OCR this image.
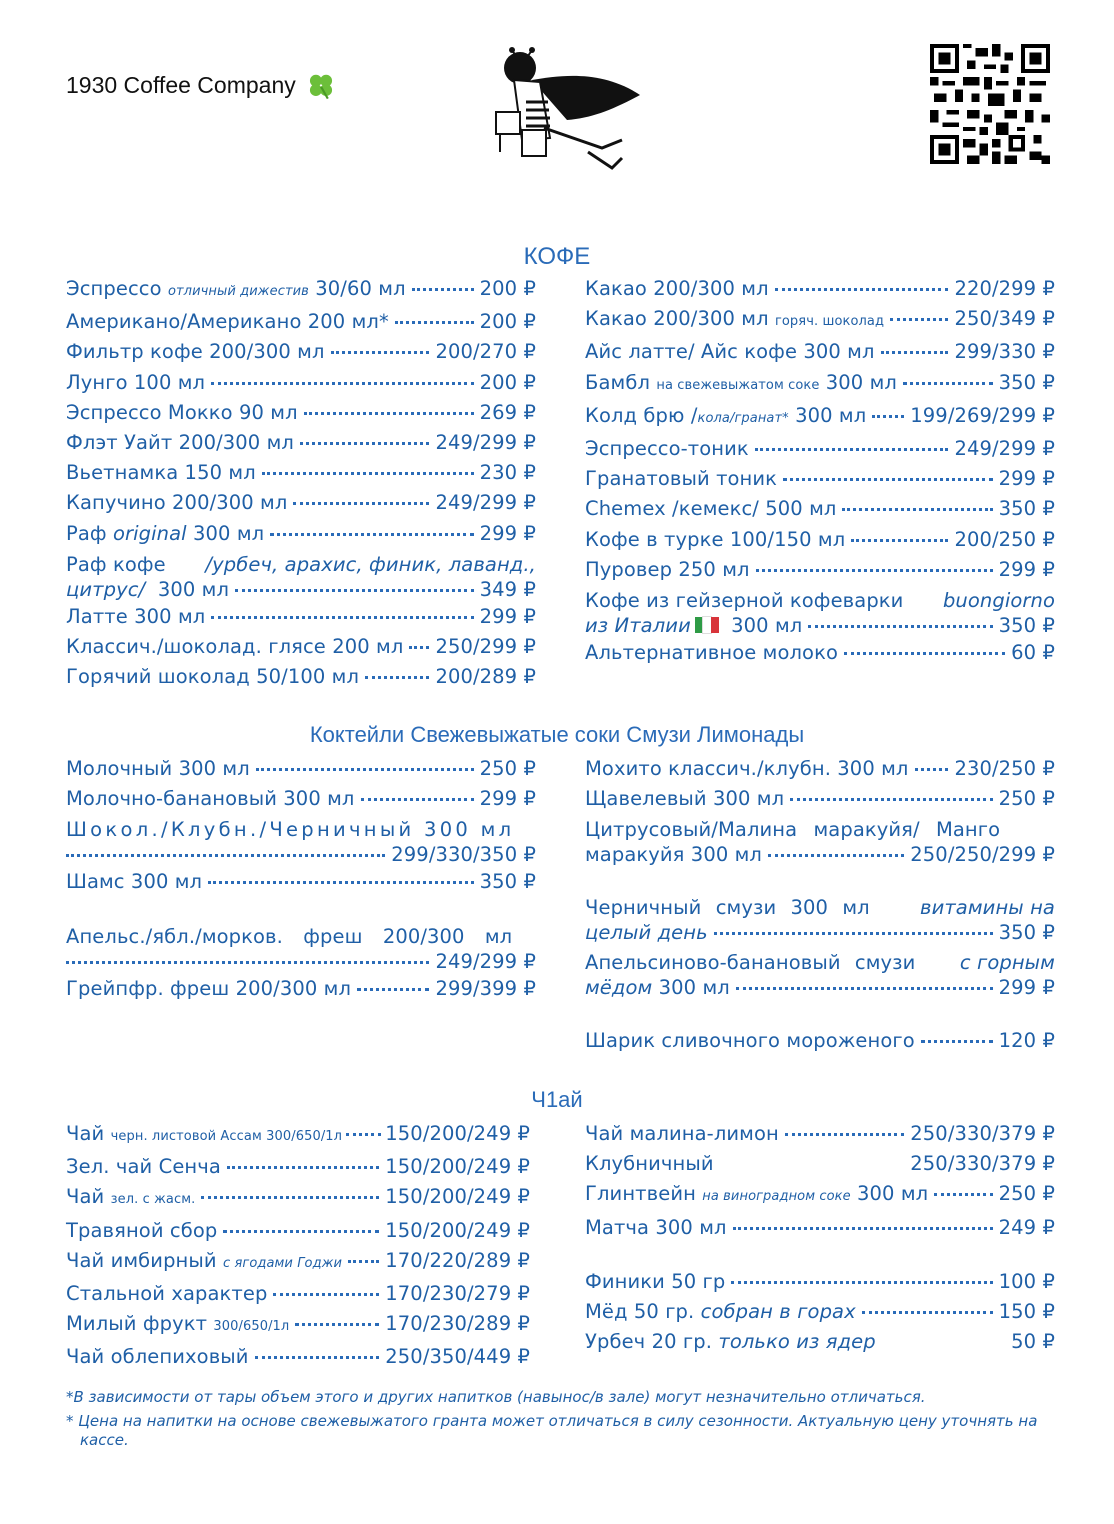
1930 Coffee Company
КОФЕ
Эспрессо отличный дижестив 30/60 мл	200 ₽
Американо/Американо 200 мл*	200 ₽
Фильтр кофе 200/300 мл	200/270 ₽
Лунго 100 мл	200 ₽
Эспрессо Мокко 90 мл	269 ₽
Флэт Уайт 200/300 мл	249/299 ₽
Вьетнамка 150 мл	230 ₽
Капучино 200/300 мл	249/299 ₽
Раф original 300 мл	299 ₽
Раф кофе /урбеч, арахис, финик, лаванд.,
цитрус/ 300 мл	349 ₽
Латте 300 мл	299 ₽
Классич./шоколад. глясе 200 мл 250/299 ₽
Горячий шоколад 50/100 мл	200/289 ₽
Какао 200/300 мл	220/299 ₽
Какао 200/300 мл горяч. шоколад	250/349 ₽
Айс латте/ Айс кофе 300 мл	299/330 ₽
Бамбл на свежевыжатом соке 300 мл	350 ₽
Колд брю /кола/гранат* 300 мл 199/269/299 ₽
Эспрессо-тоник	249/299 ₽
Гранатовый тоник	299 ₽
Chemex /кемекс/ 500 мл	350 ₽
Кофе в турке 100/150 мл	200/250 ₽
Пуровер 250 мл	299 ₽
Кофе из гейзерной кофеварки buongiorno
из Италии 300 мл	350 ₽
Альтернативное молоко	60 ₽
Коктейли Свежевыжатые соки Смузи Лимонады
Молочный 300 мл	250 ₽
Молочно-банановый 300 мл	299 ₽
Шокол./Клубн./Черничный 300 мл
299/330/350 ₽
Шамс 300 мл	350 ₽
Апельс./ябл./морков. фреш 200/300 мл
249/299 ₽
Грейпфр. фреш 200/300 мл	299/399 ₽
Мохито классич./клубн. 300 мл 230/250 ₽
Щавелевый 300 мл	250 ₽
Цитрусовый/Малина маракуйя/ Манго
маракуйя 300 мл	250/250/299 ₽
Черничный смузи 300 мл	витамины на
целый день	350 ₽
Апельсиново-банановый смузи с горным
мёдом 300 мл	299 ₽
Шарик сливочного мороженого	120 ₽
Ч1ай
Чай черн. листовой Ассам 300/650/1л 150/200/249 ₽
Зел. чай Сенча	150/200/249 ₽
Чай зел. с жасм.	150/200/249 ₽
Травяной сбор	150/200/249 ₽
Чай имбирный с ягодами Годжи 170/220/289 ₽
Стальной характер	170/230/279 ₽
Милый фрукт 300/650/1л	170/230/289 ₽
Чай облепиховый	250/350/449 ₽
Чай малина-лимон	250/330/379 ₽
Клубничный	250/330/379 ₽
Глинтвейн на виноградном соке 300 мл	250 ₽
Матча 300 мл	249 ₽
Финики 50 гр	100 ₽
Мёд 50 гр. собран в горах	150 ₽
Урбеч 20 гр. только из ядер	50 ₽

*В зависимости от тары объем этого и других напитков (навынос/в зале) могут незначительно отличаться.

* Цена на напитки на основе свежевыжатого гранта может отличаться в силу сезонности. Актуальную цену уточнять на кассе.
